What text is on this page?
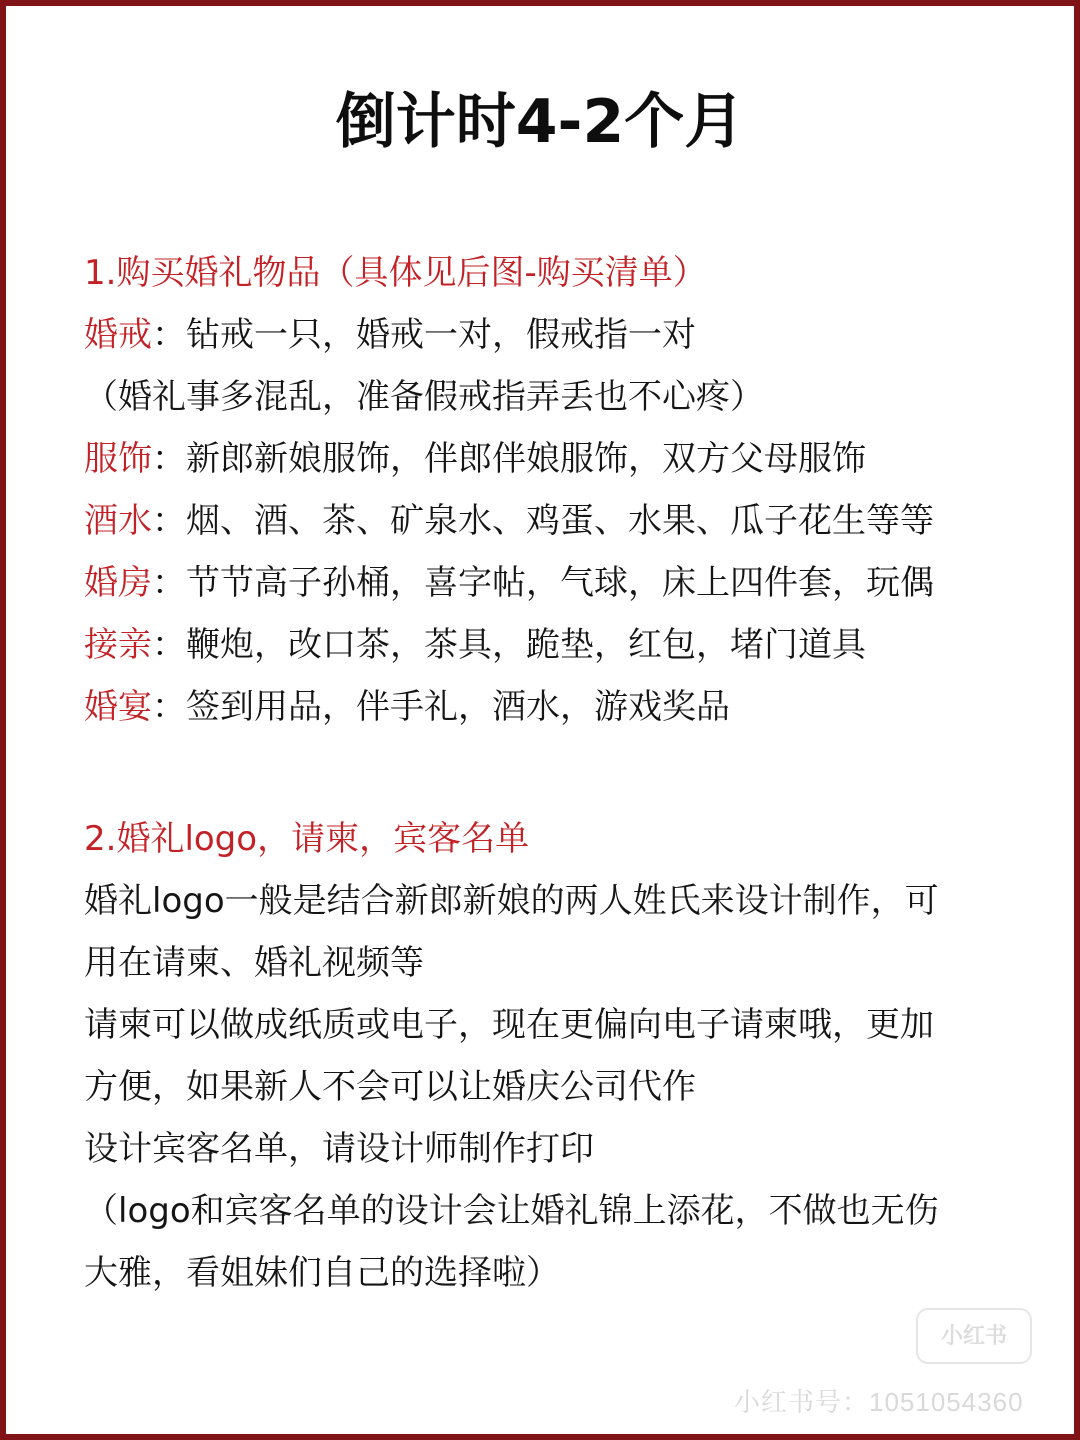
倒计时4-2个月
1.购买婚礼物品（具体见后图-购买清单）
婚戒：钻戒一只，婚戒一对，假戒指一对
（婚礼事多混乱，准备假戒指弄丢也不心疼）
服饰：新郎新娘服饰，伴郎伴娘服饰，双方父母服饰
酒水：烟、酒、茶、矿泉水、鸡蛋、水果、瓜子花生等等
婚房：节节高子孙桶，喜字帖，气球，床上四件套，玩偶
接亲：鞭炮，改口茶，茶具，跪垫，红包，堵门道具
婚宴：签到用品，伴手礼，酒水，游戏奖品
2.婚礼logo，请柬，宾客名单
婚礼logo一般是结合新郎新娘的两人姓氏来设计制作，可
用在请柬、婚礼视频等
请柬可以做成纸质或电子，现在更偏向电子请柬哦，更加
方便，如果新人不会可以让婚庆公司代作
设计宾客名单，请设计师制作打印
（logo和宾客名单的设计会让婚礼锦上添花，不做也无伤
大雅，看姐妹们自己的选择啦）
小红书
小红书号：1051054360
